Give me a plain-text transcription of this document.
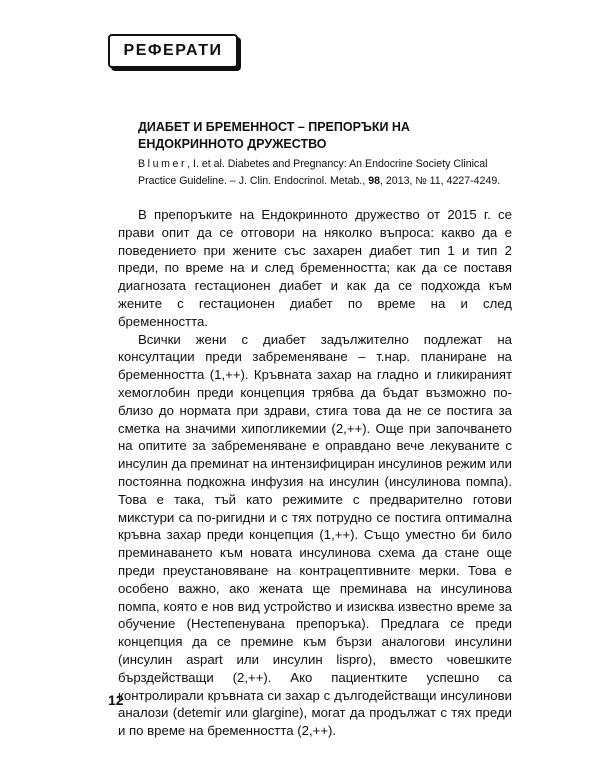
РЕФЕРАТИ
ДИАБЕТ И БРЕМЕННОСТ – ПРЕПОРЪКИ НА ЕНДОКРИННОТО ДРУЖЕСТВО
Blumer, I. et al. Diabetes and Pregnancy: An Endocrine Society Clinical Practice Guideline. – J. Clin. Endocrinol. Metab., 98, 2013, № 11, 4227-4249.

В препоръките на Ендокринното дружество от 2015 г. се прави опит да се отговори на няколко въпроса: какво да е поведението при жените със захарен диабет тип 1 и тип 2 преди, по време на и след бременността; как да се поставя диагнозата гестационен диабет и как да се подхожда към жените с гестационен диабет по време на и след бременността.

Всички жени с диабет задължително подлежат на консултации преди забременяване – т.нар. планиране на бременността (1,++). Кръвната захар на гладно и гликираният хемоглобин преди концепция трябва да бъдат възможно по-близо до нормата при здрави, стига това да не се постига за сметка на значими хипогликемии (2,++). Още при започването на опитите за забременяване е оправдано вече лекуваните с инсулин да преминат на интензифициран инсулинов режим или постоянна подкожна инфузия на инсулин (инсулинова помпа). Това е така, тъй като режимите с предварително готови микстури са по-ригидни и с тях потрудно се постига оптимална кръвна захар преди концепция (1,++). Също уместно би било преминаването към новата инсулинова схема да стане още преди преустановяване на контрацептивните мерки. Това е особено важно, ако жената ще преминава на инсулинова помпа, която е нов вид устройство и изисква известно време за обучение (Нестепенувана препоръка). Предлага се преди концепция да се премине към бързи аналогови инсулини (инсулин aspart или инсулин lispro), вместо човешките бърздействащи (2,++). Ако пациентките успешно са контролирали кръвната си захар с дългодействащи инсулинови аналози (detemir или glargine), могат да продължат с тях преди и по време на бременността (2,++).

12
